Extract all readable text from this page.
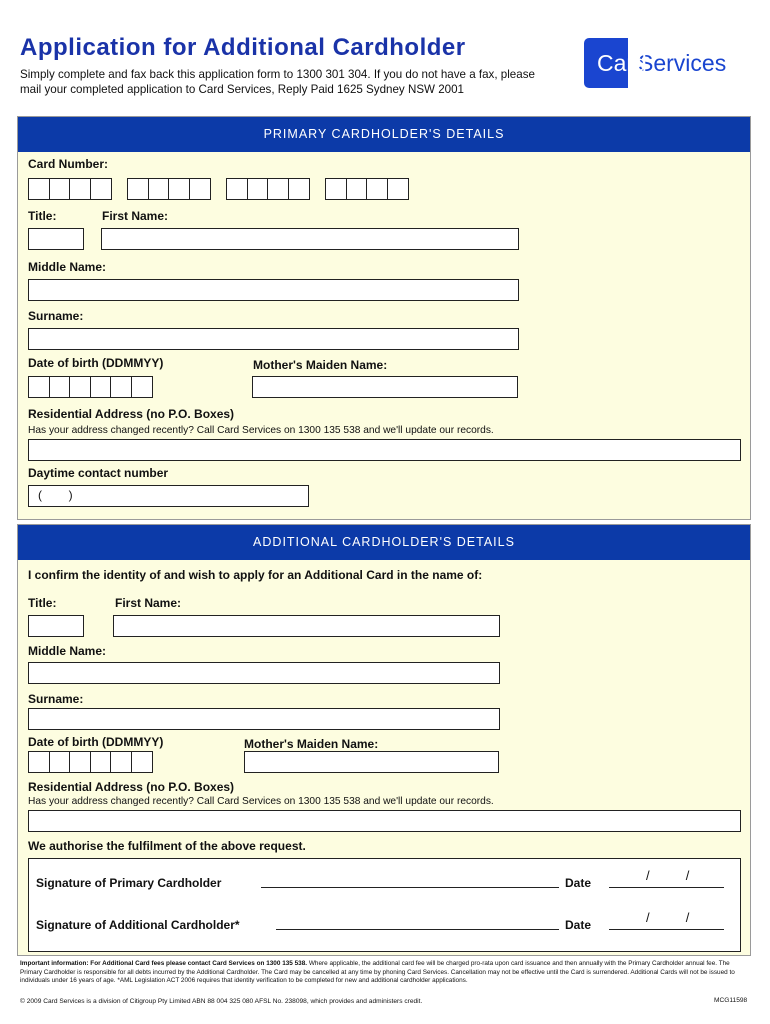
Application for Additional Cardholder
Simply complete and fax back this application form to 1300 301 304. If you do not have a fax, please mail your completed application to Card Services, Reply Paid 1625 Sydney NSW 2001
Card
Services
PRIMARY CARDHOLDER'S DETAILS
Card Number:
Title:	First Name:
Middle Name:
Surname:
Date of birth (DDMMYY)	Mother's Maiden Name:
Residential Address (no P.O. Boxes)
Has your address changed recently? Call Card Services on 1300 135 538 and we'll update our records.
Daytime contact number
(        )
ADDITIONAL CARDHOLDER'S DETAILS
I confirm the identity of and wish to apply for an Additional Card in the name of:
Title:	First Name:
Middle Name:
Surname:
Date of birth (DDMMYY)	Mother's Maiden Name:
Residential Address (no P.O. Boxes)
Has your address changed recently? Call Card Services on 1300 135 538 and we'll update our records.
We authorise the fulfilment of the above request.
Signature of Primary Cardholder	Date	/          /
Signature of Additional Cardholder*	Date	/          /
Important information: For Additional Card fees please contact Card Services on 1300 135 538. Where applicable, the additional card fee will be charged pro-rata upon card issuance and then annually with the Primary Cardholder annual fee. The Primary Cardholder is responsible for all debts incurred by the Additional Cardholder. The Card may be cancelled at any time by phoning Card Services. Cancellation may not be effective until the Card is surrendered. Additional Cards will not be issued to individuals under 16 years of age. *AML Legislation ACT 2006 requires that identity verification to be completed for new and additional cardholder applications.
© 2009 Card Services is a division of Citigroup Pty Limited ABN 88 004 325 080 AFSL No. 238098, which provides and administers credit.	MCG11598
